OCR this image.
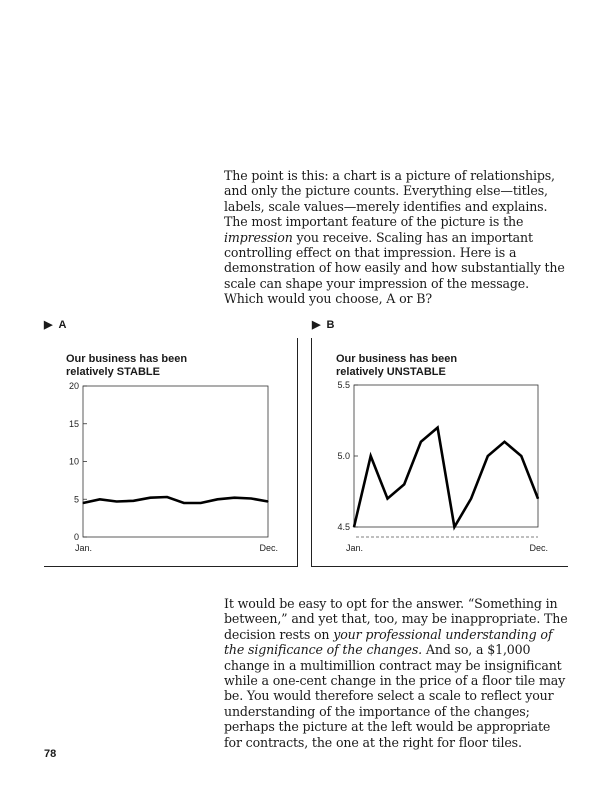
The point is this: a chart is a picture of relationships, and only the picture counts. Everything else—titles, labels, scale values—merely identifies and explains. The most important feature of the picture is the impression you receive. Scaling has an important controlling effect on that impression. Here is a demonstration of how easily and how substantially the scale can shape your impression of the message. Which would you choose, A or B?

▶ A	▶ B

Our business has been
relatively STABLE

Our business has been
relatively UNSTABLE

0
5
10
15
20
Jan.	Dec.
4.5
5.0
5.5
Jan.	Dec.

It would be easy to opt for the answer. “Something in between,” and yet that, too, may be inappropriate. The decision rests on your professional understanding of the significance of the changes. And so, a $1,000 change in a multimillion contract may be insignificant while a one-cent change in the price of a floor tile may be. You would therefore select a scale to reflect your understanding of the importance of the changes; perhaps the picture at the left would be appropriate for contracts, the one at the right for floor tiles.

78
